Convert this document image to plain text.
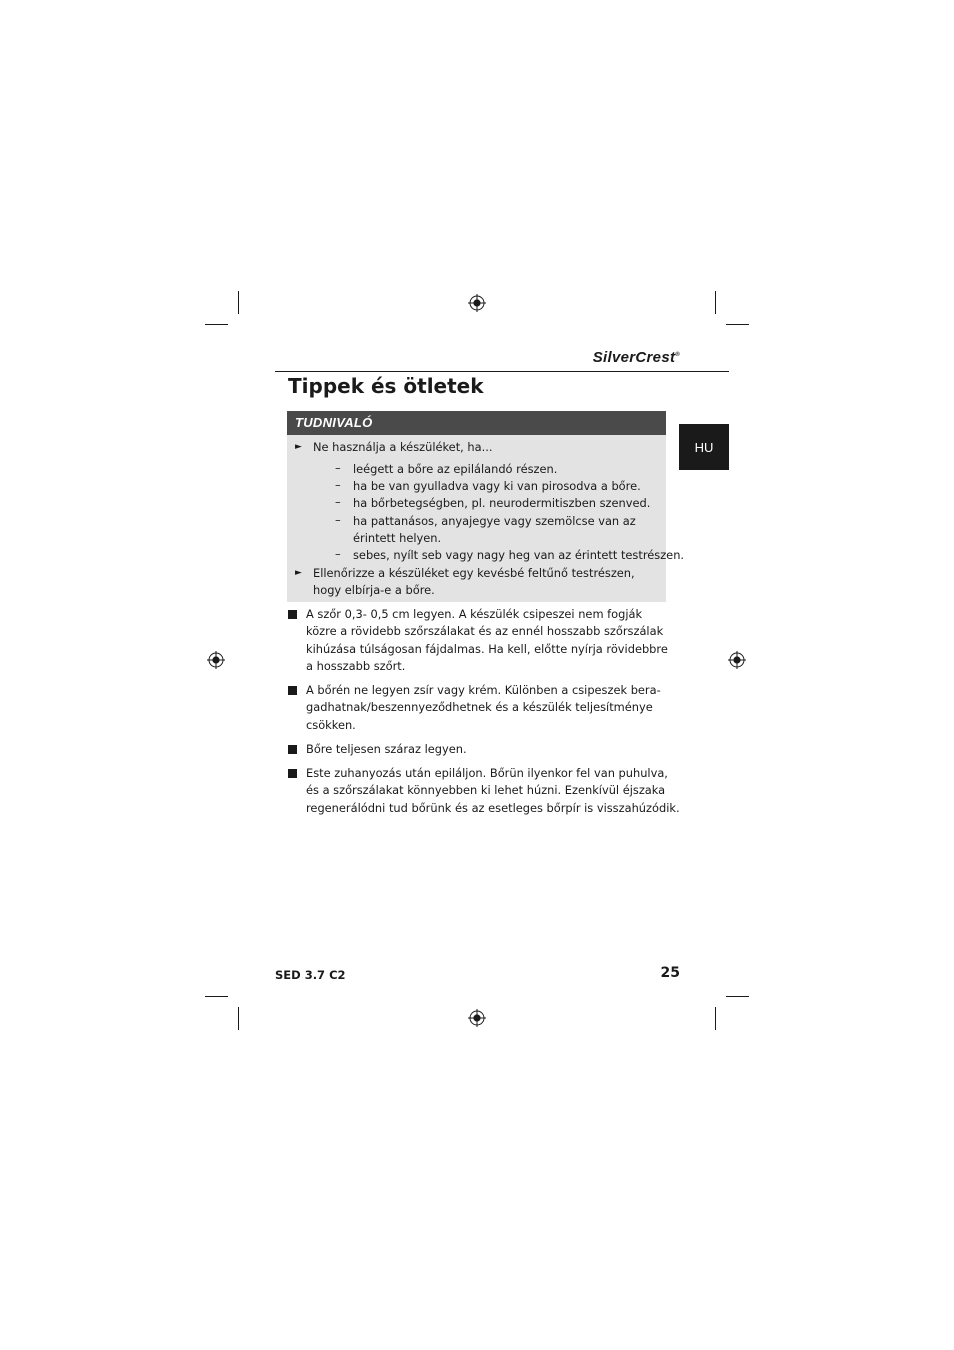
SilverCrest®
Tippek és ötletek
HU
TUDNIVALÓ
► Ne használja a készüléket, ha...
– leégett a bőre az epilálandó részen.
– ha be van gyulladva vagy ki van pirosodva a bőre.
– ha bőrbetegségben, pl. neurodermitiszben szenved.
– ha pattanásos, anyajegye vagy szemölcse van az
érintett helyen.
– sebes, nyílt seb vagy nagy heg van az érintett testrészen.
► Ellenőrizze a készüléket egy kevésbé feltűnő testrészen,
hogy elbírja-e a bőre.
A szőr 0,3- 0,5 cm legyen. A készülék csipeszei nem fogják
közre a rövidebb szőrszálakat és az ennél hosszabb szőrszálak
kihúzása túlságosan fájdalmas. Ha kell, előtte nyírja rövidebbre
a hosszabb szőrt.
A bőrén ne legyen zsír vagy krém. Különben a csipeszek bera-
gadhatnak/beszennyeződhetnek és a készülék teljesítménye
csökken.
Bőre teljesen száraz legyen.
Este zuhanyozás után epiláljon. Bőrün ilyenkor fel van puhulva,
és a szőrszálakat könnyebben ki lehet húzni. Ezenkívül éjszaka
regenerálódni tud bőrünk és az esetleges bőrpír is visszahúzódik.
SED 3.7 C2	25
